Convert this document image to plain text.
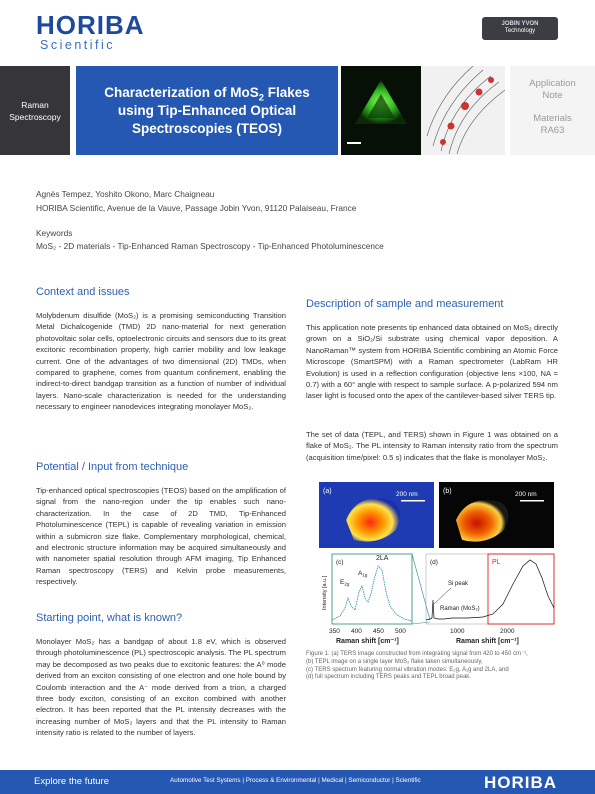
HORIBA
Scientific
JOBIN YVON
Technology
Raman
Spectroscopy
Characterization of MoS$_2$ Flakes
using Tip-Enhanced Optical
Spectroscopies (TEOS)
Application
Note
Materials
RA63
Agnès Tempez, Yoshito Okono, Marc Chaigneau
HORIBA Scientific, Avenue de la Vauve, Passage Jobin Yvon, 91120 Palaiseau, France
Keywords
MoS₂ - 2D materials - Tip-Enhanced Raman Spectroscopy - Tip-Enhanced Photoluminescence
Context and issues
Molybdenum disulfide (MoS₂) is a promising semiconducting Transition Metal Dichalcogenide (TMD) 2D nano-material for next generation photovoltaic solar cells, optoelectronic circuits and sensors due to its great excitonic recombination property, high carrier mobility and low leakage current. One of the advantages of two dimensional (2D) TMDs, when compared to graphene, comes from quantum confinement, enabling the indirect-to-direct bandgap transition as a function of number of individual layers. Nano-scale characterization is needed for the understanding necessary to engineer nanodevices integrating monolayer MoS₂.
Potential / Input from technique
Tip-enhanced optical spectroscopies (TEOS) based on the amplification of signal from the nano-region under the tip enables such nano-characterization. In the case of 2D TMD, Tip-Enhanced Photoluminescence (TEPL) is capable of revealing variation in emission within a submicron size flake. Complementary morphological, chemical, and electronic structure information may be acquired simultaneously and with nanometer spatial resolution through AFM imaging, Tip Enhanced Raman spectroscopy (TERS) and Kelvin probe measurements, respectively.
Starting point, what is known?
Monolayer MoS₂ has a bandgap of about 1.8 eV, which is observed through photoluminescence (PL) spectroscopic analysis. The PL spectrum may be decomposed as two peaks due to excitonic features: the A⁰ mode derived from an exciton consisting of one electron and one hole bound by Coulomb interaction and the A⁻ mode derived from a trion, a charged three body exciton, consisting of an exciton combined with another electron. It has been reported that the PL intensity decreases with the increasing number of MoS₂ layers and that the PL intensity to Raman intensity ratio is related to the number of layers.
Description of sample and measurement
This application note presents tip enhanced data obtained on MoS₂ directly grown on a SiO₂/Si substrate using chemical vapor deposition. A NanoRaman™ system from HORIBA Scientific combining an Atomic Force Microscope (SmartSPM) with a Raman spectrometer (LabRam HR Evolution) is used in a reflection configuration (objective lens ×100, NA = 0.7) with a 60° angle with respect to sample surface. A p-polarized 594 nm laser light is focused onto the apex of the cantilever-based silver TERS tip.
The set of data (TEPL, and TERS) shown in Figure 1 was obtained on a flake of MoS₂. The PL intensity to Raman intensity ratio from the spectrum (acquisition time/pixel: 0.5 s) indicates that the flake is monolayer MoS₂.
(a)	200 nm	(b)	200 nm
(c)
2LA
$E_{2g}$
$A_{1g}$
Intensity [a.u.]
350 400 450 500
Raman shift [cm⁻¹]
(d)	PL
Si peak
Raman (MoS₂)
1000	2000
Raman shift [cm⁻¹]
Figure 1: (a) TERS image constructed from integrating signal from 420 to 450 cm⁻¹,
(b) TEPL image on a single layer MoS₂ flake taken simultaneously,
(c) TERS spectrum featuring normal vibration modes: E₂g, A₁g and 2LA, and
(d) full spectrum including TERS peaks and TEPL broad peak.
Explore the future	Automotive Test Systems | Process & Environmental | Medical | Semiconductor | Scientific	HORIBA
